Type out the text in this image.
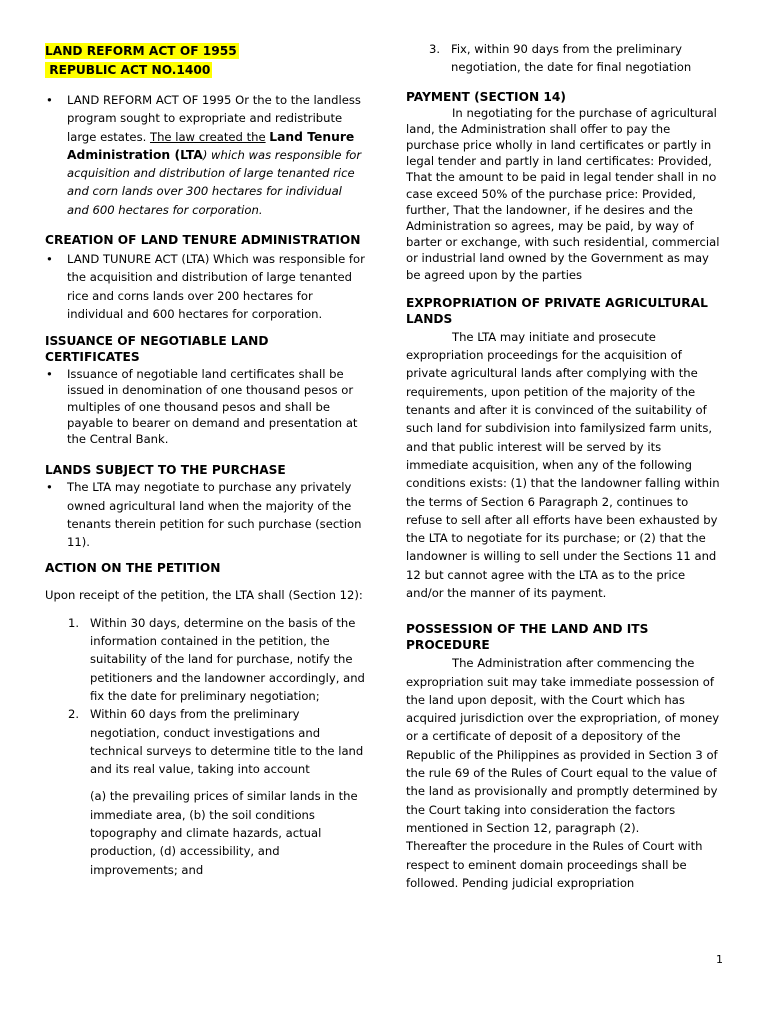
LAND REFORM ACT OF 1955
REPUBLIC ACT NO.1400
• LAND REFORM ACT OF 1995 Or the to the landless program sought to expropriate and redistribute large estates. The law created the Land Tenure Administration (LTA) which was responsible for acquisition and distribution of large tenanted rice and corn lands over 300 hectares for individual and 600 hectares for corporation.
CREATION OF LAND TENURE ADMINISTRATION
• LAND TUNURE ACT (LTA) Which was responsible for the acquisition and distribution of large tenanted rice and corns lands over 200 hectares for individual and 600 hectares for corporation.
ISSUANCE OF NEGOTIABLE LAND CERTIFICATES
• Issuance of negotiable land certificates shall be issued in denomination of one thousand pesos or multiples of one thousand pesos and shall be payable to bearer on demand and presentation at the Central Bank.
LANDS SUBJECT TO THE PURCHASE
• The LTA may negotiate to purchase any privately owned agricultural land when the majority of the tenants therein petition for such purchase (section 11).
ACTION ON THE PETITION

Upon receipt of the petition, the LTA shall (Section 12):

1. Within 30 days, determine on the basis of the information contained in the petition, the suitability of the land for purchase, notify the petitioners and the landowner accordingly, and fix the date for preliminary negotiation;
2. Within 60 days from the preliminary negotiation, conduct investigations and technical surveys to determine title to the land and its real value, taking into account

(a) the prevailing prices of similar lands in the immediate area, (b) the soil conditions topography and climate hazards, actual production, (d) accessibility, and improvements; and

3. Fix, within 90 days from the preliminary negotiation, the date for final negotiation
PAYMENT (SECTION 14)

In negotiating for the purchase of agricultural land, the Administration shall offer to pay the purchase price wholly in land certificates or partly in legal tender and partly in land certificates: Provided, That the amount to be paid in legal tender shall in no case exceed 50% of the purchase price: Provided, further, That the landowner, if he desires and the Administration so agrees, may be paid, by way of barter or exchange, with such residential, commercial or industrial land owned by the Government as may be agreed upon by the parties

EXPROPRIATION OF PRIVATE AGRICULTURAL LANDS

The LTA may initiate and prosecute expropriation proceedings for the acquisition of private agricultural lands after complying with the requirements, upon petition of the majority of the tenants and after it is convinced of the suitability of such land for subdivision into familysized farm units, and that public interest will be served by its immediate acquisition, when any of the following conditions exists: (1) that the landowner falling within the terms of Section 6 Paragraph 2, continues to refuse to sell after all efforts have been exhausted by the LTA to negotiate for its purchase; or (2) that the landowner is willing to sell under the Sections 11 and 12 but cannot agree with the LTA as to the price and/or the manner of its payment.

POSSESSION OF THE LAND AND ITS PROCEDURE

The Administration after commencing the expropriation suit may take immediate possession of the land upon deposit, with the Court which has acquired jurisdiction over the expropriation, of money or a certificate of deposit of a depository of the Republic of the Philippines as provided in Section 3 of the rule 69 of the Rules of Court equal to the value of the land as provisionally and promptly determined by the Court taking into consideration the factors mentioned in Section 12, paragraph (2).

Thereafter the procedure in the Rules of Court with respect to eminent domain proceedings shall be followed. Pending judicial expropriation

1
